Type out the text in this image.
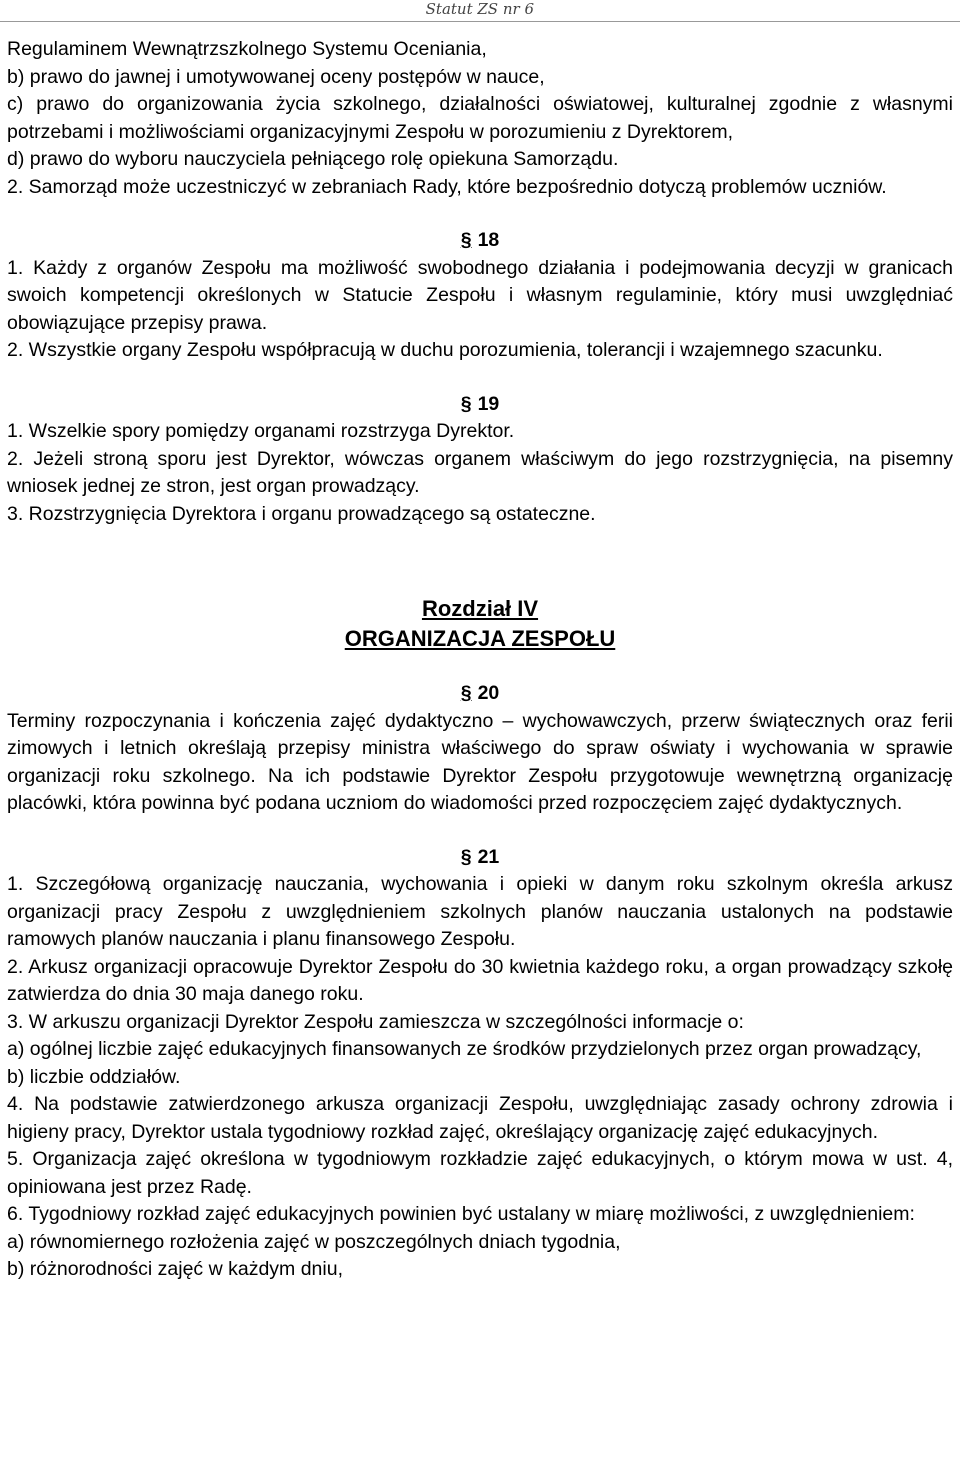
Statut ZS nr 6

Regulaminem Wewnątrzszkolnego Systemu Oceniania,

b) prawo do jawnej i umotywowanej oceny postępów w nauce,

c) prawo do organizowania życia szkolnego, działalności oświatowej, kulturalnej zgodnie z własnymi potrzebami i możliwościami organizacyjnymi Zespołu w porozumieniu z Dyrektorem,

d) prawo do wyboru nauczyciela pełniącego rolę opiekuna Samorządu.

2. Samorząd może uczestniczyć w zebraniach Rady, które bezpośrednio dotyczą problemów uczniów.

§ 18

1. Każdy z organów Zespołu ma możliwość swobodnego działania i podejmowania decyzji w granicach swoich kompetencji określonych w Statucie Zespołu i własnym regulaminie, który musi uwzględniać obowiązujące przepisy prawa.

2. Wszystkie organy Zespołu współpracują w duchu porozumienia, tolerancji i wzajemnego szacunku.

§ 19

1. Wszelkie spory pomiędzy organami rozstrzyga Dyrektor.

2. Jeżeli stroną sporu jest Dyrektor, wówczas organem właściwym do jego rozstrzygnięcia, na pisemny wniosek jednej ze stron, jest organ prowadzący.

3. Rozstrzygnięcia Dyrektora i organu prowadzącego są ostateczne.

Rozdział IV

ORGANIZACJA ZESPOŁU

§ 20

Terminy rozpoczynania i kończenia zajęć dydaktyczno – wychowawczych, przerw świątecznych oraz ferii zimowych i letnich określają przepisy ministra właściwego do spraw oświaty i wychowania w sprawie organizacji roku szkolnego. Na ich podstawie Dyrektor Zespołu przygotowuje wewnętrzną organizację placówki, która powinna być podana uczniom do wiadomości przed rozpoczęciem zajęć dydaktycznych.

§ 21

1. Szczegółową organizację nauczania, wychowania i opieki w danym roku szkolnym określa arkusz organizacji pracy Zespołu z uwzględnieniem szkolnych planów nauczania ustalonych na podstawie ramowych planów nauczania i planu finansowego Zespołu.

2. Arkusz organizacji opracowuje Dyrektor Zespołu do 30 kwietnia każdego roku, a organ prowadzący szkołę zatwierdza do dnia 30 maja danego roku.

3. W arkuszu organizacji Dyrektor Zespołu zamieszcza w szczególności informacje o:

a) ogólnej liczbie zajęć edukacyjnych finansowanych ze środków przydzielonych przez organ prowadzący,

b) liczbie oddziałów.

4. Na podstawie zatwierdzonego arkusza organizacji Zespołu, uwzględniając zasady ochrony zdrowia i higieny pracy, Dyrektor ustala tygodniowy rozkład zajęć, określający organizację zajęć edukacyjnych.

5. Organizacja zajęć określona w tygodniowym rozkładzie zajęć edukacyjnych, o którym mowa w ust. 4, opiniowana jest przez Radę.

6. Tygodniowy rozkład zajęć edukacyjnych powinien być ustalany w miarę możliwości, z uwzględnieniem:

a) równomiernego rozłożenia zajęć w poszczególnych dniach tygodnia,

b) różnorodności zajęć w każdym dniu,
